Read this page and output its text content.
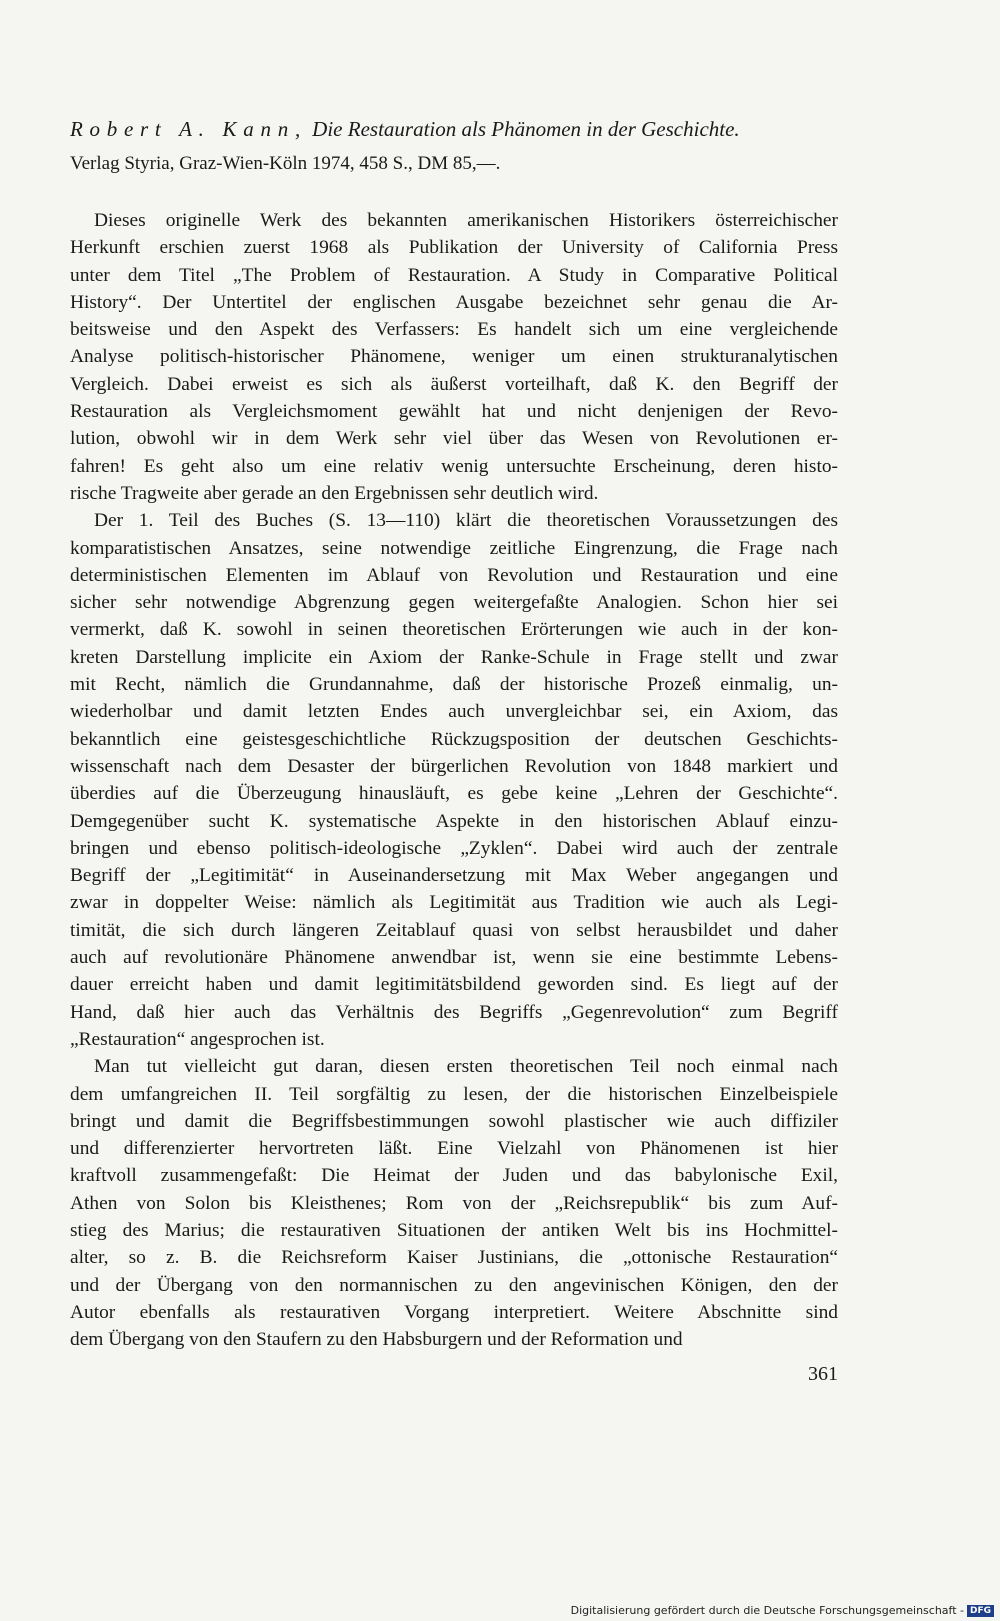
Robert A. Kann, Die Restauration als Phänomen in der Geschichte.

Verlag Styria, Graz-Wien-Köln 1974, 458 S., DM 85,—.

Dieses originelle Werk des bekannten amerikanischen Historikers österreichischer
Herkunft erschien zuerst 1968 als Publikation der University of California Press
unter dem Titel „The Problem of Restauration. A Study in Comparative Political
History“. Der Untertitel der englischen Ausgabe bezeichnet sehr genau die Ar-
beitsweise und den Aspekt des Verfassers: Es handelt sich um eine vergleichende
Analyse politisch-historischer Phänomene, weniger um einen strukturanalytischen
Vergleich. Dabei erweist es sich als äußerst vorteilhaft, daß K. den Begriff der
Restauration als Vergleichsmoment gewählt hat und nicht denjenigen der Revo-
lution, obwohl wir in dem Werk sehr viel über das Wesen von Revolutionen er-
fahren! Es geht also um eine relativ wenig untersuchte Erscheinung, deren histo-
rische Tragweite aber gerade an den Ergebnissen sehr deutlich wird.
Der 1. Teil des Buches (S. 13—110) klärt die theoretischen Voraussetzungen des
komparatistischen Ansatzes, seine notwendige zeitliche Eingrenzung, die Frage nach
deterministischen Elementen im Ablauf von Revolution und Restauration und eine
sicher sehr notwendige Abgrenzung gegen weitergefaßte Analogien. Schon hier sei
vermerkt, daß K. sowohl in seinen theoretischen Erörterungen wie auch in der kon-
kreten Darstellung implicite ein Axiom der Ranke-Schule in Frage stellt und zwar
mit Recht, nämlich die Grundannahme, daß der historische Prozeß einmalig, un-
wiederholbar und damit letzten Endes auch unvergleichbar sei, ein Axiom, das
bekanntlich eine geistesgeschichtliche Rückzugsposition der deutschen Geschichts-
wissenschaft nach dem Desaster der bürgerlichen Revolution von 1848 markiert und
überdies auf die Überzeugung hinausläuft, es gebe keine „Lehren der Geschichte“.
Demgegenüber sucht K. systematische Aspekte in den historischen Ablauf einzu-
bringen und ebenso politisch-ideologische „Zyklen“. Dabei wird auch der zentrale
Begriff der „Legitimität“ in Auseinandersetzung mit Max Weber angegangen und
zwar in doppelter Weise: nämlich als Legitimität aus Tradition wie auch als Legi-
timität, die sich durch längeren Zeitablauf quasi von selbst herausbildet und daher
auch auf revolutionäre Phänomene anwendbar ist, wenn sie eine bestimmte Lebens-
dauer erreicht haben und damit legitimitätsbildend geworden sind. Es liegt auf der
Hand, daß hier auch das Verhältnis des Begriffs „Gegenrevolution“ zum Begriff
„Restauration“ angesprochen ist.
Man tut vielleicht gut daran, diesen ersten theoretischen Teil noch einmal nach
dem umfangreichen II. Teil sorgfältig zu lesen, der die historischen Einzelbeispiele
bringt und damit die Begriffsbestimmungen sowohl plastischer wie auch diffiziler
und differenzierter hervortreten läßt. Eine Vielzahl von Phänomenen ist hier
kraftvoll zusammengefaßt: Die Heimat der Juden und das babylonische Exil,
Athen von Solon bis Kleisthenes; Rom von der „Reichsrepublik“ bis zum Auf-
stieg des Marius; die restaurativen Situationen der antiken Welt bis ins Hochmittel-
alter, so z. B. die Reichsreform Kaiser Justinians, die „ottonische Restauration“
und der Übergang von den normannischen zu den angevinischen Königen, den der
Autor ebenfalls als restaurativen Vorgang interpretiert. Weitere Abschnitte sind
dem Übergang von den Staufern zu den Habsburgern und der Reformation und
361
Digitalisierung gefördert durch die Deutsche Forschungsgemeinschaft - DFG
